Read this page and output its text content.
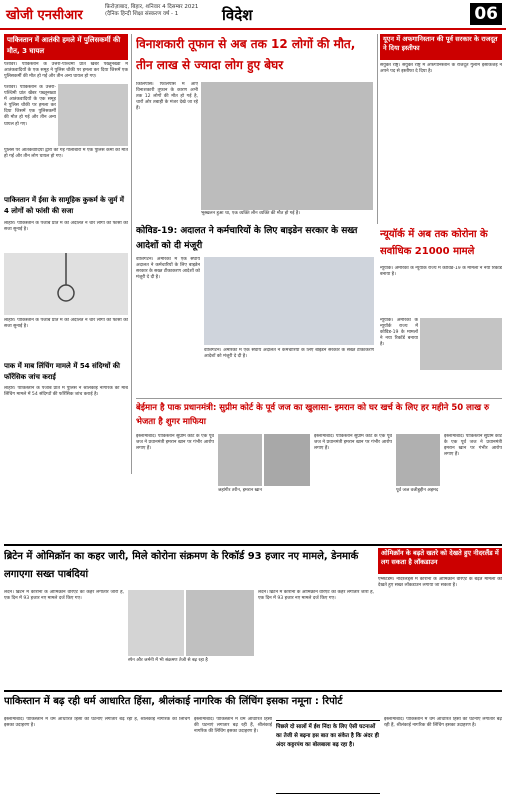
खोजी एनसीआर
फ़िरोज़ाबाद, बिहार, शनिवार 4 दिसम्बर 2021
(दैनिक हिन्दी शिक्षा संस्करण वर्ष - 1	विदेश	06
पाकिस्तान में आतंकी हमले में पुलिसकर्मी की मौत, 3 घायल
पेशावर। पाकिस्तान के उत्तरी-पश्चिमी प्रांत खैबर पख्तूनख्वा में आतंकवादियों के एक समूह ने पुलिस चौकी पर हमला कर दिया जिसमें एक पुलिसकर्मी की मौत हो गई और तीन अन्य घायल हो गए।
पेशावर। पाकिस्तान के उत्तरी-पश्चिमी प्रांत खैबर पख्तूनख्वा में आतंकवादियों के एक समूह ने पुलिस चौकी पर हमला कर दिया जिसमें एक पुलिसकर्मी की मौत हो गई और तीन अन्य घायल हो गए।
पुलिस पर आतंकवादियों द्वारा की गई गोलीबारी में एक पुलिस कर्मी की मौत हो गई और तीन लोग घायल हो गए।
पाकिस्तान में ईसा के सामूहिक कुकर्म के जुर्म में 4 लोगों को फांसी की सजा
लाहौर। पाकिस्तान के पंजाब प्रांत में की अदालत ने चार लोगों को फांसी की सजा सुनाई है।
लाहौर। पाकिस्तान के पंजाब प्रांत में की अदालत ने चार लोगों को फांसी की सजा सुनाई है।
पाक में माब लिंचिंग मामले में 54 संदिग्धों की फॉरेंसिक जांच कराई
लाहौर। पाकिस्तान के पंजाब प्रांत में पुलिस ने श्रीलंकाई नागरिक की माब लिंचिंग मामले में 54 संदिग्धों की फॉरेंसिक जांच कराई है।
विनाशकारी तूफान से अब तक 12 लोगों की मौत, तीन लाख से ज्यादा लोग हुए बेघर
किलिपींस। फिलिपींस में आए विनाशकारी तूफान के कारण अभी तक 12 लोगों की मौत हो गई है, चारों ओर तबाही के मंजर देखे जा रहे हैं।
भूस्खलन हुआ था, एक व्यक्ति लीन व्यक्ति की मौत हो गई है।
यूएन में अफगानिस्तान की पूर्व सरकार के राजदूत ने दिया इस्तीफा
संयुक्त राष्ट्र। संयुक्त राष्ट्र में अफगानिस्तान के राजदूत गुलाम इसाकजई ने अपने पद से इस्तीफा दे दिया है।
कोविड-19: अदालत ने कर्मचारियों के लिए बाइडेन सरकार के सख्त आदेशों को दी मंजूरी
वाशिंगटन। अमेरिका में एक संघीय अदालत ने कर्मचारियों के लिए बाइडेन सरकार के सख्त टीकाकरण आदेशों को मंजूरी दे दी है।
वाशिंगटन। अमेरिका में एक संघीय अदालत ने कर्मचारियों के लिए बाइडेन सरकार के सख्त टीकाकरण आदेशों को मंजूरी दे दी है।
न्यूयॉर्क में अब तक कोरोना के सर्वाधिक 21000 मामले
न्यूयॉर्क। अमेरिका के न्यूयॉर्क राज्य में कोविड-19 के मामलों ने नया रिकॉर्ड बनाया है।
न्यूयॉर्क। अमेरिका के न्यूयॉर्क राज्य में कोविड-19 के मामलों ने नया रिकॉर्ड बनाया है।
बेईमान है पाक प्रधानमंत्री: सुप्रीम कोर्ट के पूर्व जज का खुलासा- इमरान को घर खर्च के लिए हर महीने 50 लाख रु भेजता है शुगर माफिया
इस्लामाबाद। पाकिस्तान सुप्रीम कोर्ट के एक पूर्व जज ने प्रधानमंत्री इमरान खान पर गंभीर आरोप लगाए हैं।
जहांगीर तरीन, इमरान खान
इस्लामाबाद। पाकिस्तान सुप्रीम कोर्ट के एक पूर्व जज ने प्रधानमंत्री इमरान खान पर गंभीर आरोप लगाए हैं।
पूर्व जज वजीहुद्दीन अहमद
इस्लामाबाद। पाकिस्तान सुप्रीम कोर्ट के एक पूर्व जज ने प्रधानमंत्री इमरान खान पर गंभीर आरोप लगाए हैं।
ब्रिटेन में ओमिक्रॉन का कहर जारी, मिले कोरोना संक्रमण के रिकॉर्ड 93 हजार नए मामले, डेनमार्क लगाएगा सख्त पाबंदियां
लंदन। ब्रिटेन में कोरोना के ओमिक्रॉन वैरिएंट का कहर लगातार जारी है, एक दिन में 93 हजार नए मामले दर्ज किए गए।
स्पेन और जर्मनी में भी संक्रमण तेजी से बढ़ रहा है
लंदन। ब्रिटेन में कोरोना के ओमिक्रॉन वैरिएंट का कहर लगातार जारी है, एक दिन में 93 हजार नए मामले दर्ज किए गए।
ओमिक्रॉन के बढ़ते खतरे को देखते हुए नीदरलैंड में लग सकता है लॉकडाउन
एम्सटर्डम। नीदरलैंड्स में कोरोना के ओमिक्रॉन वैरिएंट के बढ़ते मामलों को देखते हुए सख्त लॉकडाउन लगाया जा सकता है।
पाकिस्तान में बढ़ रही धर्म आधारित हिंसा, श्रीलंकाई नागरिक की लिंचिंग इसका नमूना : रिपोर्ट
इस्लामाबाद। पाकिस्तान में धर्म आधारित हिंसा की घटनाएं लगातार बढ़ रही हैं, श्रीलंकाई नागरिक की लिंचिंग इसका उदाहरण है।
इस्लामाबाद। पाकिस्तान में धर्म आधारित हिंसा की घटनाएं लगातार बढ़ रही हैं, श्रीलंकाई नागरिक की लिंचिंग इसका उदाहरण है।
पिछले दो सालों में ईश निंदा के लिए ऐसी घटनाओं का तेजी से बढ़ना इस बात का संकेत है कि अंदर ही अंदर कट्टरपंथ का बोलबाला बढ़ रहा है।
इस्लामाबाद। पाकिस्तान में धर्म आधारित हिंसा की घटनाएं लगातार बढ़ रही हैं, श्रीलंकाई नागरिक की लिंचिंग इसका उदाहरण है।
